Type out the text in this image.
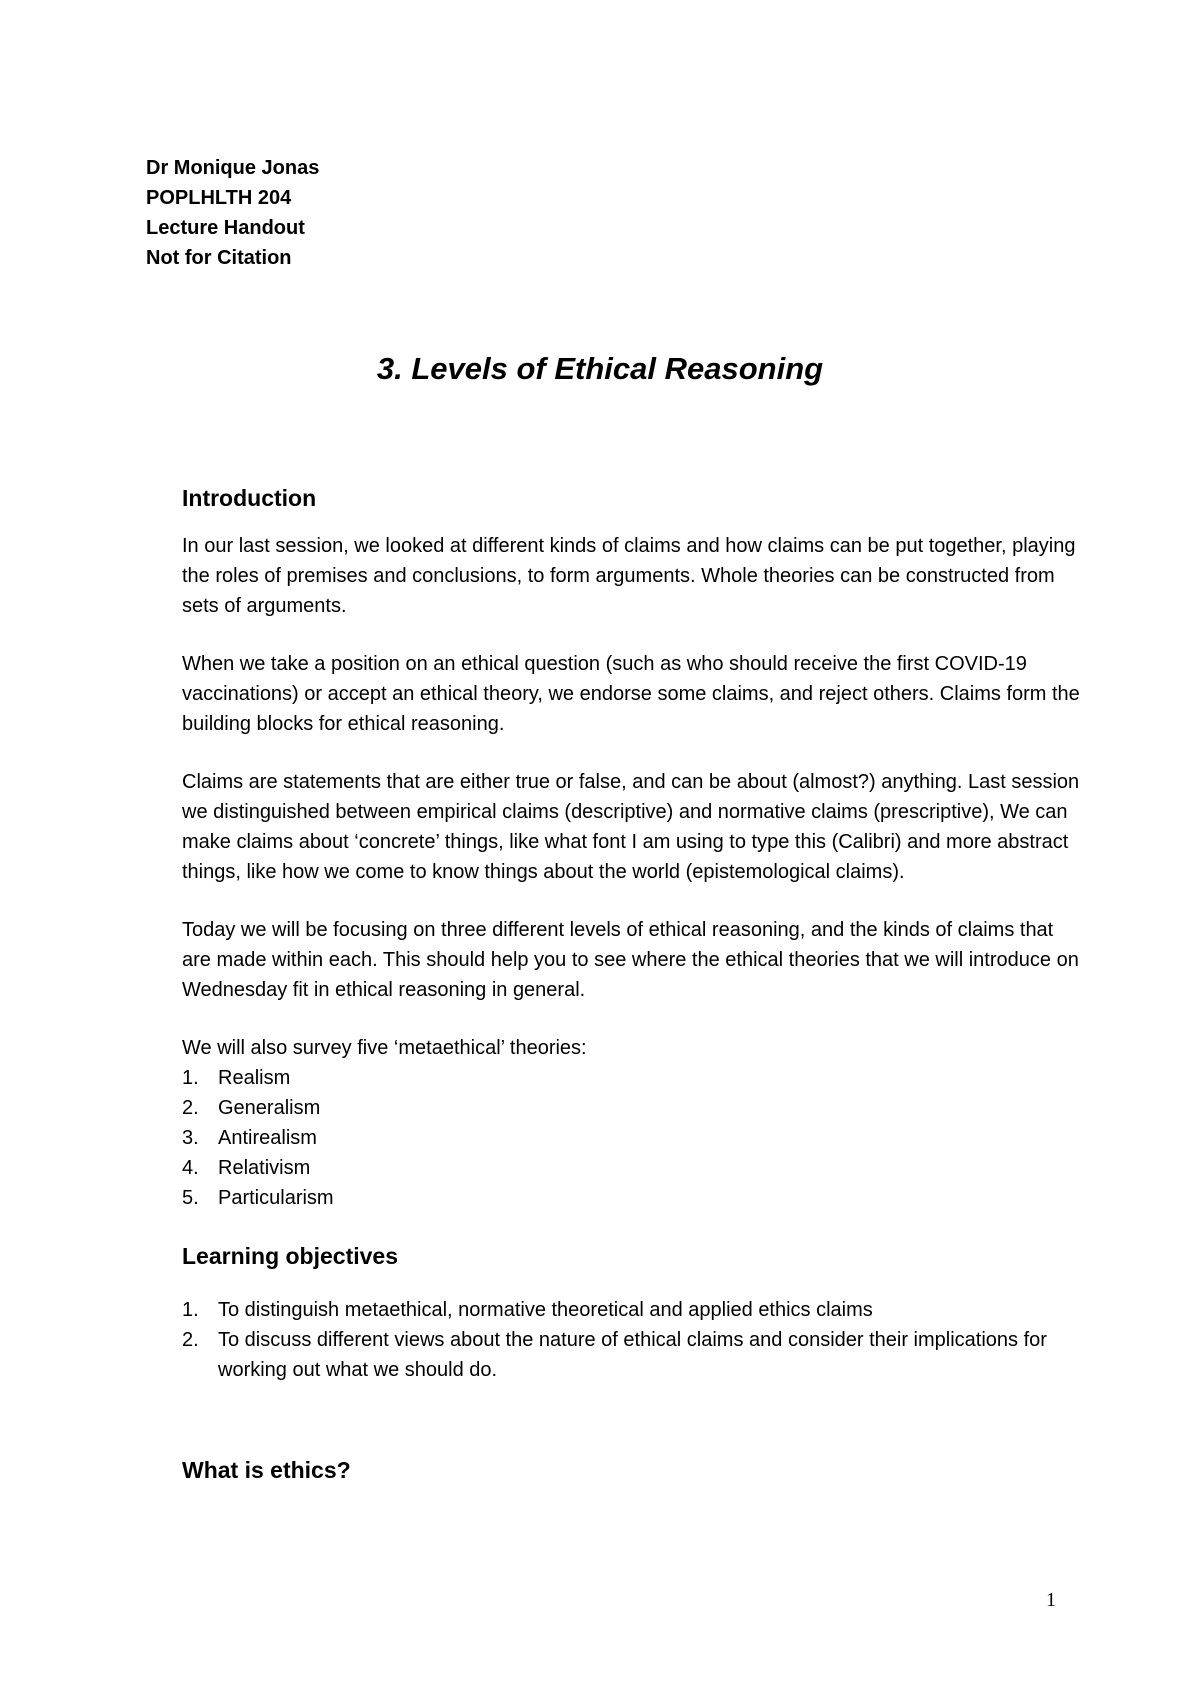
Dr Monique Jonas
POPLHLTH 204
Lecture Handout
Not for Citation
3. Levels of Ethical Reasoning
Introduction

In our last session, we looked at different kinds of claims and how claims can be put together, playing the roles of premises and conclusions, to form arguments. Whole theories can be constructed from sets of arguments.

When we take a position on an ethical question (such as who should receive the first COVID-19 vaccinations) or accept an ethical theory, we endorse some claims, and reject others. Claims form the building blocks for ethical reasoning.

Claims are statements that are either true or false, and can be about (almost?) anything. Last session we distinguished between empirical claims (descriptive) and normative claims (prescriptive), We can make claims about ‘concrete’ things, like what font I am using to type this (Calibri) and more abstract things, like how we come to know things about the world (epistemological claims).

Today we will be focusing on three different levels of ethical reasoning, and the kinds of claims that are made within each. This should help you to see where the ethical theories that we will introduce on Wednesday fit in ethical reasoning in general.

We will also survey five ‘metaethical’ theories:

1. Realism
2. Generalism
3. Antirealism
4. Relativism
5. Particularism
Learning objectives
1. To distinguish metaethical, normative theoretical and applied ethics claims
2. To discuss different views about the nature of ethical claims and consider their implications for working out what we should do.
What is ethics?
1
